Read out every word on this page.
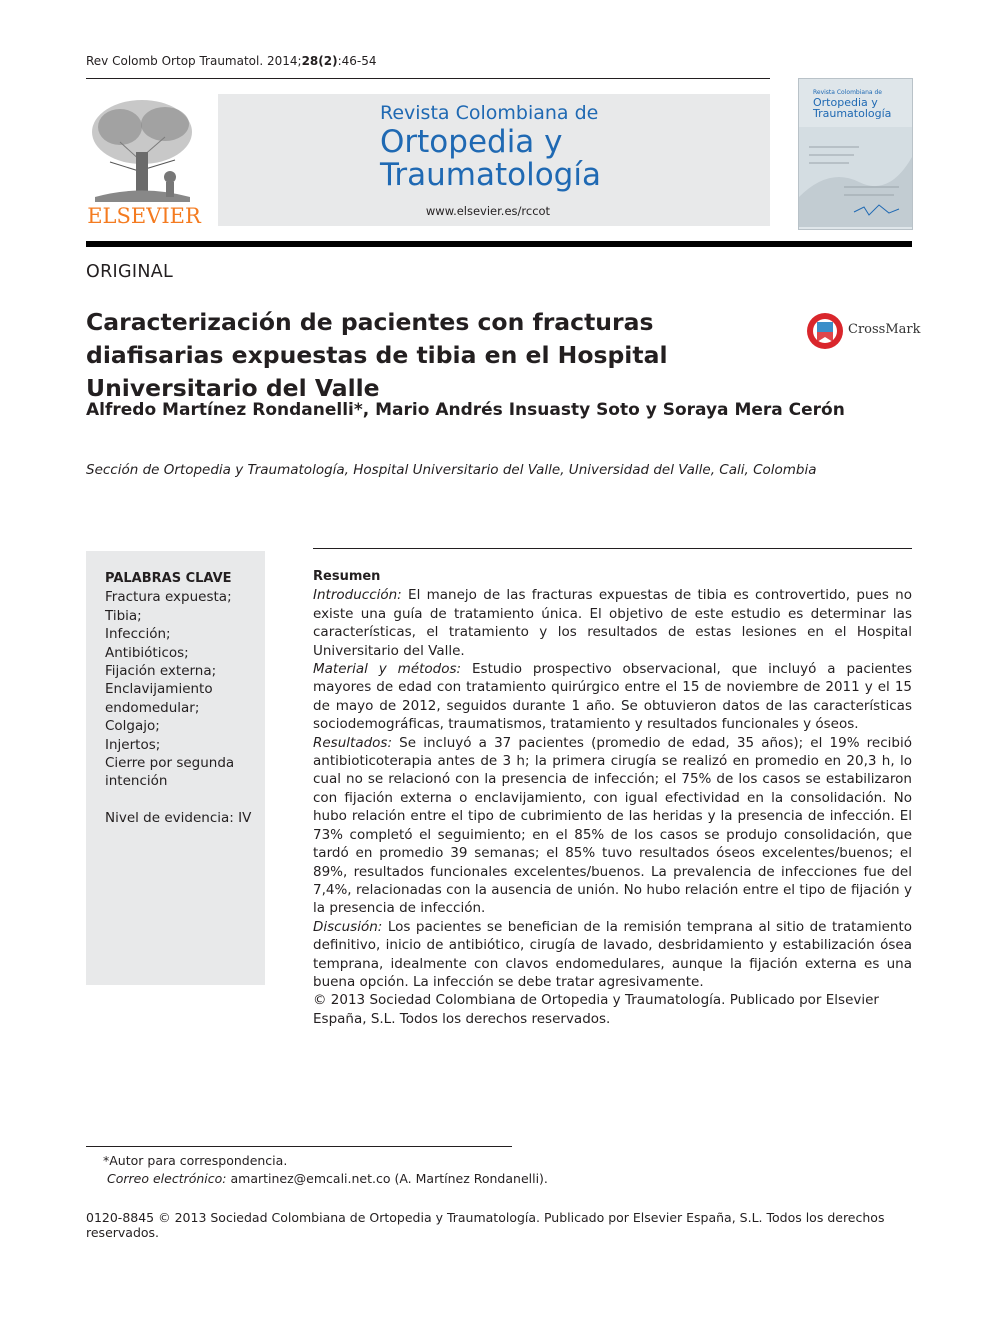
Rev Colomb Ortop Traumatol. 2014;28(2):46-54
ELSEVIER
Revista Colombiana de
Ortopedia y
Traumatología
www.elsevier.es/rccot
Revista Colombiana de
Ortopedia y
Traumatología
ORIGINAL
Caracterización de pacientes con fracturas diafisarias expuestas de tibia en el Hospital Universitario del Valle
CrossMark
Alfredo Martínez Rondanelli*, Mario Andrés Insuasty Soto y Soraya Mera Cerón
Sección de Ortopedia y Traumatología, Hospital Universitario del Valle, Universidad del Valle, Cali, Colombia
PALABRAS CLAVE
Fractura expuesta;
Tibia;
Infección;
Antibióticos;
Fijación externa;
Enclavijamiento endomedular;
Colgajo;
Injertos;
Cierre por segunda intención
Nivel de evidencia: IV
Resumen

Introducción: El manejo de las fracturas expuestas de tibia es controvertido, pues no existe una guía de tratamiento única. El objetivo de este estudio es determinar las características, el tratamiento y los resultados de estas lesiones en el Hospital Universitario del Valle.

Material y métodos: Estudio prospectivo observacional, que incluyó a pacientes mayores de edad con tratamiento quirúrgico entre el 15 de noviembre de 2011 y el 15 de mayo de 2012, seguidos durante 1 año. Se obtuvieron datos de las características sociodemográficas, traumatismos, tratamiento y resultados funcionales y óseos.

Resultados: Se incluyó a 37 pacientes (promedio de edad, 35 años); el 19% recibió antibioticoterapia antes de 3 h; la primera cirugía se realizó en promedio en 20,3 h, lo cual no se relacionó con la presencia de infección; el 75% de los casos se estabilizaron con fijación externa o enclavijamiento, con igual efectividad en la consolidación. No hubo relación entre el tipo de cubrimiento de las heridas y la presencia de infección. El 73% completó el seguimiento; en el 85% de los casos se produjo consolidación, que tardó en promedio 39 semanas; el 85% tuvo resultados óseos excelentes/buenos; el 89%, resultados funcionales excelentes/buenos. La prevalencia de infecciones fue del 7,4%, relacionadas con la ausencia de unión. No hubo relación entre el tipo de fijación y la presencia de infección.

Discusión: Los pacientes se benefician de la remisión temprana al sitio de tratamiento definitivo, inicio de antibiótico, cirugía de lavado, desbridamiento y estabilización ósea temprana, idealmente con clavos endomedulares, aunque la fijación externa es una buena opción. La infección se debe tratar agresivamente.

© 2013 Sociedad Colombiana de Ortopedia y Traumatología. Publicado por Elsevier España, S.L. Todos los derechos reservados.

*Autor para correspondencia.
Correo electrónico: amartinez@emcali.net.co (A. Martínez Rondanelli).
0120-8845 © 2013 Sociedad Colombiana de Ortopedia y Traumatología. Publicado por Elsevier España, S.L. Todos los derechos reservados.
